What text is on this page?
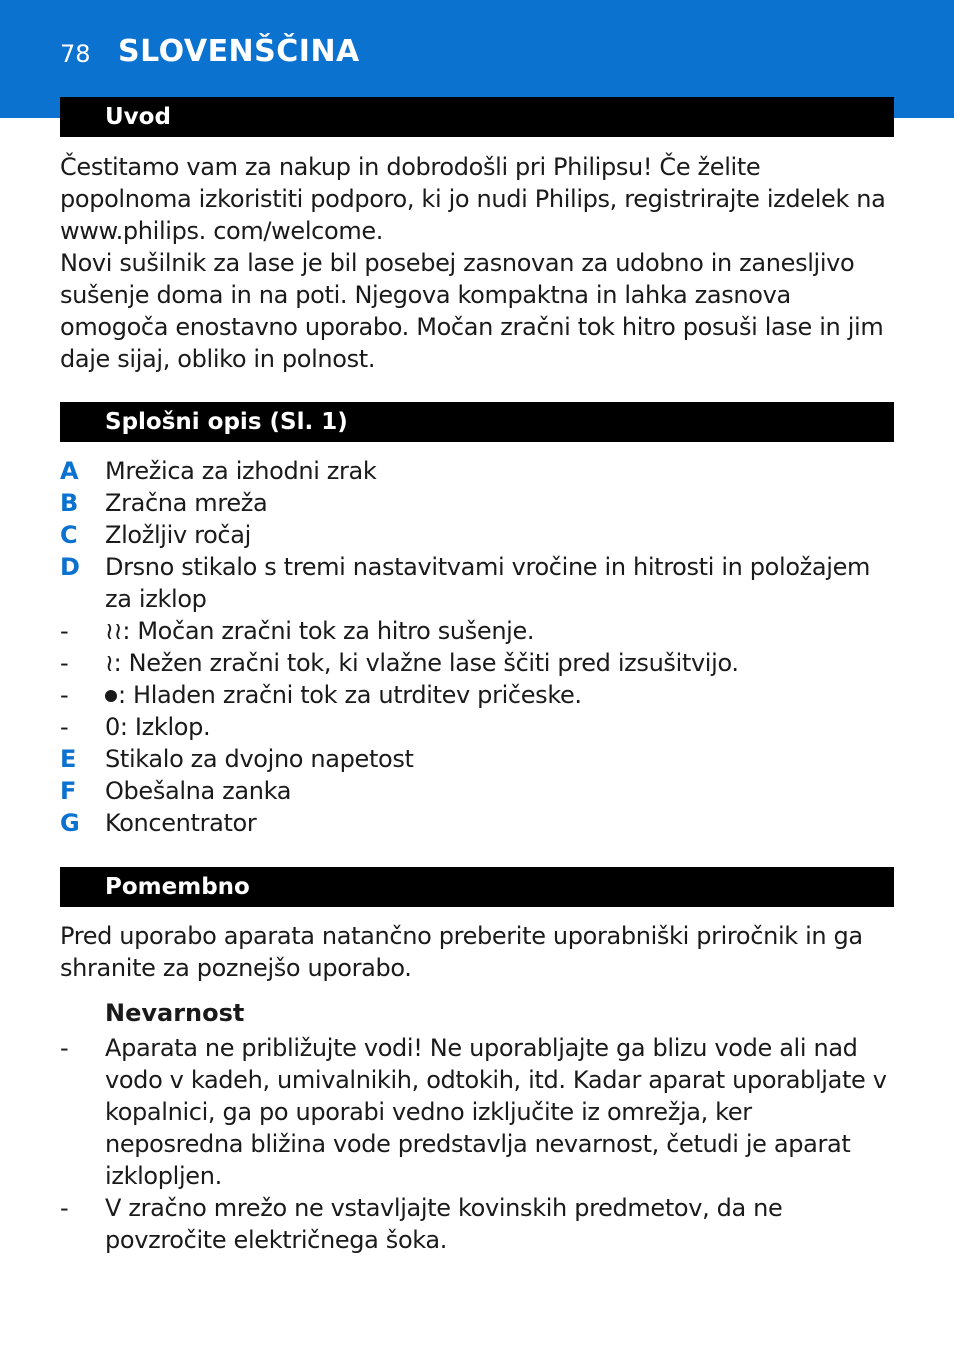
78 SLOVENŠČINA
Uvod

Čestitamo vam za nakup in dobrodošli pri Philipsu! Če želite popolnoma izkoristiti podporo, ki jo nudi Philips, registrirajte izdelek na www.philips. com/welcome.

Novi sušilnik za lase je bil posebej zasnovan za udobno in zanesljivo sušenje doma in na poti. Njegova kompaktna in lahka zasnova omogoča enostavno uporabo. Močan zračni tok hitro posuši lase in jim daje sijaj, obliko in polnost.

Splošni opis (Sl. 1)
A	Mrežica za izhodni zrak
B	Zračna mreža
C	Zložljiv ročaj
D	Drsno stikalo s tremi nastavitvami vročine in hitrosti in položajem za izklop
-	≀≀: Močan zračni tok za hitro sušenje.
-	≀: Nežen zračni tok, ki vlažne lase ščiti pred izsušitvijo.
-	: Hladen zračni tok za utrditev pričeske.
-	0: Izklop.
E	Stikalo za dvojno napetost
F	Obešalna zanka
G	Koncentrator
Pomembno

Pred uporabo aparata natančno preberite uporabniški priročnik in ga shranite za poznejšo uporabo.

Nevarnost
-	Aparata ne približujte vodi! Ne uporabljajte ga blizu vode ali nad vodo v kadeh, umivalnikih, odtokih, itd. Kadar aparat uporabljate v kopalnici, ga po uporabi vedno izključite iz omrežja, ker neposredna bližina vode predstavlja nevarnost, četudi je aparat izklopljen.
-	V zračno mrežo ne vstavljajte kovinskih predmetov, da ne povzročite električnega šoka.
